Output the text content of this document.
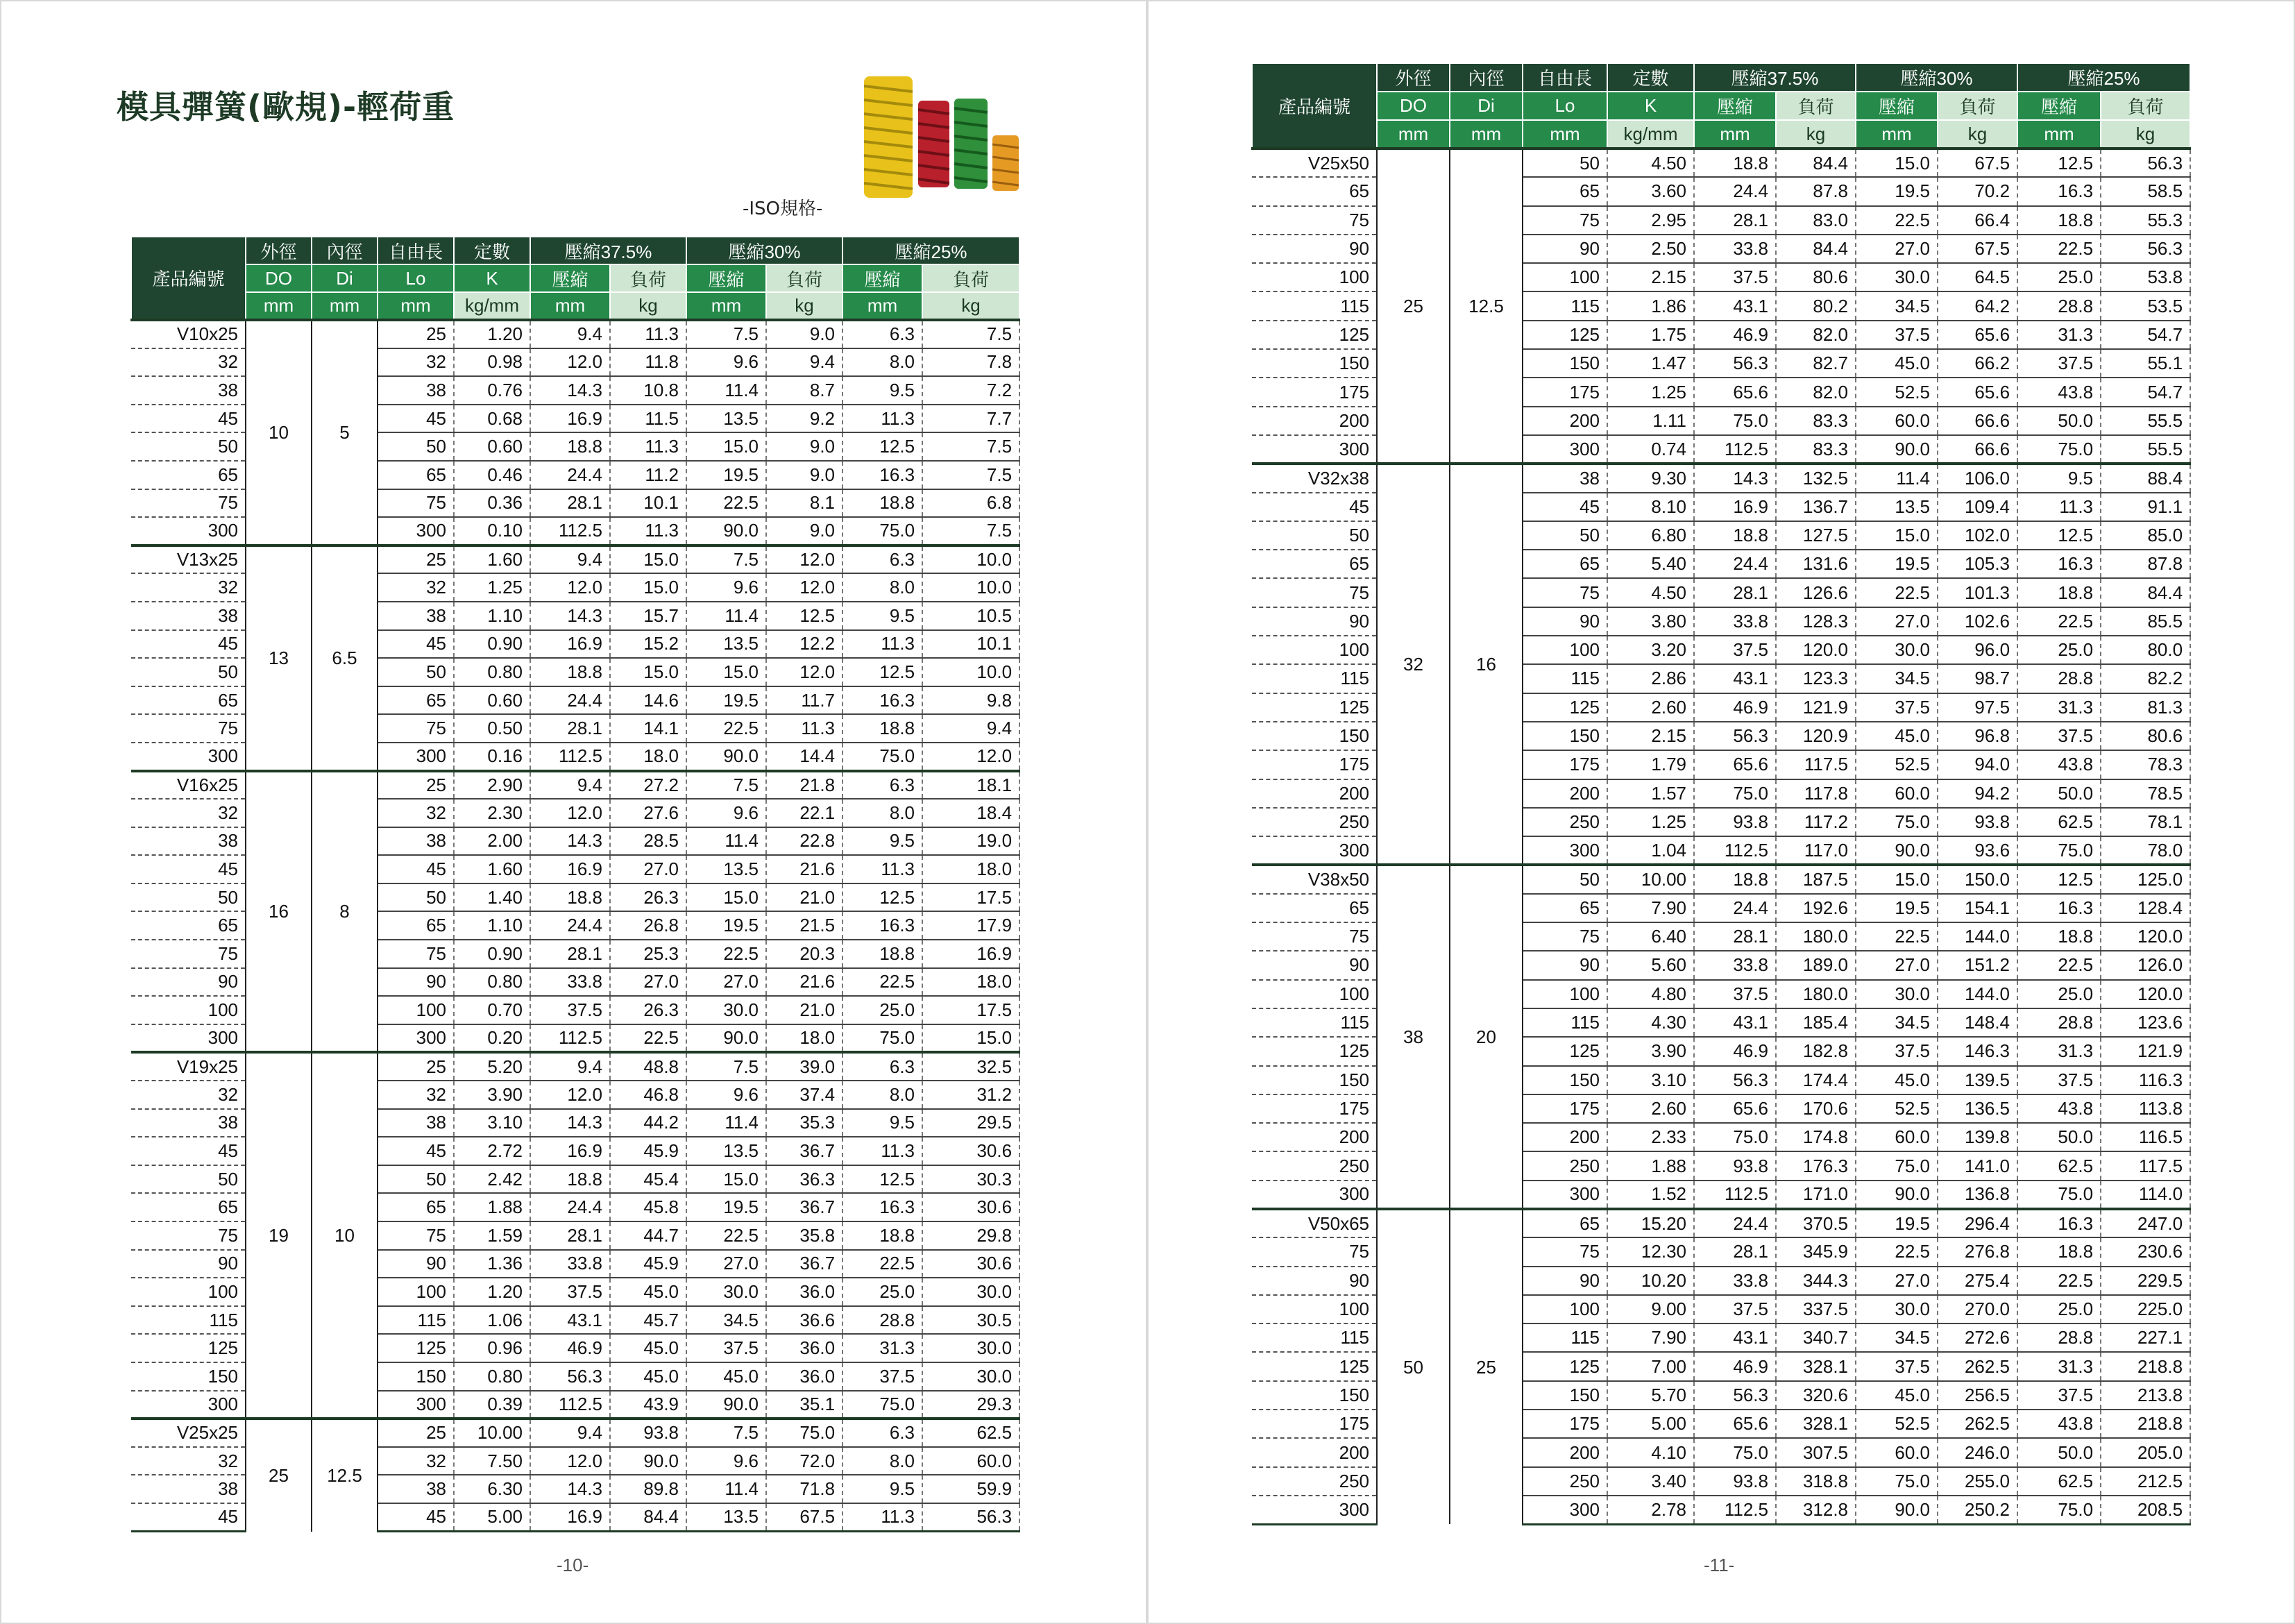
模具彈簧(歐規)-輕荷重
-ISO規格-
產品編號	外徑	內徑	自由長	定數	壓縮37.5%		壓縮30%		壓縮25%	
	DO	Di	Lo	K	壓縮	負荷	壓縮	負荷	壓縮	負荷
	mm	mm	mm	kg/mm	mm	kg	mm	kg	mm	kg
V10x25	10	5	25	1.20	9.4	11.3	7.5	9.0	6.3	7.5
32			32	0.98	12.0	11.8	9.6	9.4	8.0	7.8
38			38	0.76	14.3	10.8	11.4	8.7	9.5	7.2
45			45	0.68	16.9	11.5	13.5	9.2	11.3	7.7
50			50	0.60	18.8	11.3	15.0	9.0	12.5	7.5
65			65	0.46	24.4	11.2	19.5	9.0	16.3	7.5
75			75	0.36	28.1	10.1	22.5	8.1	18.8	6.8
300			300	0.10	112.5	11.3	90.0	9.0	75.0	7.5
V13x25	13	6.5	25	1.60	9.4	15.0	7.5	12.0	6.3	10.0
32			32	1.25	12.0	15.0	9.6	12.0	8.0	10.0
38			38	1.10	14.3	15.7	11.4	12.5	9.5	10.5
45			45	0.90	16.9	15.2	13.5	12.2	11.3	10.1
50			50	0.80	18.8	15.0	15.0	12.0	12.5	10.0
65			65	0.60	24.4	14.6	19.5	11.7	16.3	9.8
75			75	0.50	28.1	14.1	22.5	11.3	18.8	9.4
300			300	0.16	112.5	18.0	90.0	14.4	75.0	12.0
V16x25	16	8	25	2.90	9.4	27.2	7.5	21.8	6.3	18.1
32			32	2.30	12.0	27.6	9.6	22.1	8.0	18.4
38			38	2.00	14.3	28.5	11.4	22.8	9.5	19.0
45			45	1.60	16.9	27.0	13.5	21.6	11.3	18.0
50			50	1.40	18.8	26.3	15.0	21.0	12.5	17.5
65			65	1.10	24.4	26.8	19.5	21.5	16.3	17.9
75			75	0.90	28.1	25.3	22.5	20.3	18.8	16.9
90			90	0.80	33.8	27.0	27.0	21.6	22.5	18.0
100			100	0.70	37.5	26.3	30.0	21.0	25.0	17.5
300			300	0.20	112.5	22.5	90.0	18.0	75.0	15.0
V19x25	19	10	25	5.20	9.4	48.8	7.5	39.0	6.3	32.5
32			32	3.90	12.0	46.8	9.6	37.4	8.0	31.2
38			38	3.10	14.3	44.2	11.4	35.3	9.5	29.5
45			45	2.72	16.9	45.9	13.5	36.7	11.3	30.6
50			50	2.42	18.8	45.4	15.0	36.3	12.5	30.3
65			65	1.88	24.4	45.8	19.5	36.7	16.3	30.6
75			75	1.59	28.1	44.7	22.5	35.8	18.8	29.8
90			90	1.36	33.8	45.9	27.0	36.7	22.5	30.6
100			100	1.20	37.5	45.0	30.0	36.0	25.0	30.0
115			115	1.06	43.1	45.7	34.5	36.6	28.8	30.5
125			125	0.96	46.9	45.0	37.5	36.0	31.3	30.0
150			150	0.80	56.3	45.0	45.0	36.0	37.5	30.0
300			300	0.39	112.5	43.9	90.0	35.1	75.0	29.3
V25x25	25	12.5	25	10.00	9.4	93.8	7.5	75.0	6.3	62.5
32			32	7.50	12.0	90.0	9.6	72.0	8.0	60.0
38			38	6.30	14.3	89.8	11.4	71.8	9.5	59.9
45			45	5.00	16.9	84.4	13.5	67.5	11.3	56.3
-10-
產品編號	外徑	內徑	自由長	定數	壓縮37.5%		壓縮30%		壓縮25%	
	DO	Di	Lo	K	壓縮	負荷	壓縮	負荷	壓縮	負荷
	mm	mm	mm	kg/mm	mm	kg	mm	kg	mm	kg
V25x50	25	12.5	50	4.50	18.8	84.4	15.0	67.5	12.5	56.3
65			65	3.60	24.4	87.8	19.5	70.2	16.3	58.5
75			75	2.95	28.1	83.0	22.5	66.4	18.8	55.3
90			90	2.50	33.8	84.4	27.0	67.5	22.5	56.3
100			100	2.15	37.5	80.6	30.0	64.5	25.0	53.8
115			115	1.86	43.1	80.2	34.5	64.2	28.8	53.5
125			125	1.75	46.9	82.0	37.5	65.6	31.3	54.7
150			150	1.47	56.3	82.7	45.0	66.2	37.5	55.1
175			175	1.25	65.6	82.0	52.5	65.6	43.8	54.7
200			200	1.11	75.0	83.3	60.0	66.6	50.0	55.5
300			300	0.74	112.5	83.3	90.0	66.6	75.0	55.5
V32x38	32	16	38	9.30	14.3	132.5	11.4	106.0	9.5	88.4
45			45	8.10	16.9	136.7	13.5	109.4	11.3	91.1
50			50	6.80	18.8	127.5	15.0	102.0	12.5	85.0
65			65	5.40	24.4	131.6	19.5	105.3	16.3	87.8
75			75	4.50	28.1	126.6	22.5	101.3	18.8	84.4
90			90	3.80	33.8	128.3	27.0	102.6	22.5	85.5
100			100	3.20	37.5	120.0	30.0	96.0	25.0	80.0
115			115	2.86	43.1	123.3	34.5	98.7	28.8	82.2
125			125	2.60	46.9	121.9	37.5	97.5	31.3	81.3
150			150	2.15	56.3	120.9	45.0	96.8	37.5	80.6
175			175	1.79	65.6	117.5	52.5	94.0	43.8	78.3
200			200	1.57	75.0	117.8	60.0	94.2	50.0	78.5
250			250	1.25	93.8	117.2	75.0	93.8	62.5	78.1
300			300	1.04	112.5	117.0	90.0	93.6	75.0	78.0
V38x50	38	20	50	10.00	18.8	187.5	15.0	150.0	12.5	125.0
65			65	7.90	24.4	192.6	19.5	154.1	16.3	128.4
75			75	6.40	28.1	180.0	22.5	144.0	18.8	120.0
90			90	5.60	33.8	189.0	27.0	151.2	22.5	126.0
100			100	4.80	37.5	180.0	30.0	144.0	25.0	120.0
115			115	4.30	43.1	185.4	34.5	148.4	28.8	123.6
125			125	3.90	46.9	182.8	37.5	146.3	31.3	121.9
150			150	3.10	56.3	174.4	45.0	139.5	37.5	116.3
175			175	2.60	65.6	170.6	52.5	136.5	43.8	113.8
200			200	2.33	75.0	174.8	60.0	139.8	50.0	116.5
250			250	1.88	93.8	176.3	75.0	141.0	62.5	117.5
300			300	1.52	112.5	171.0	90.0	136.8	75.0	114.0
V50x65	50	25	65	15.20	24.4	370.5	19.5	296.4	16.3	247.0
75			75	12.30	28.1	345.9	22.5	276.8	18.8	230.6
90			90	10.20	33.8	344.3	27.0	275.4	22.5	229.5
100			100	9.00	37.5	337.5	30.0	270.0	25.0	225.0
115			115	7.90	43.1	340.7	34.5	272.6	28.8	227.1
125			125	7.00	46.9	328.1	37.5	262.5	31.3	218.8
150			150	5.70	56.3	320.6	45.0	256.5	37.5	213.8
175			175	5.00	65.6	328.1	52.5	262.5	43.8	218.8
200			200	4.10	75.0	307.5	60.0	246.0	50.0	205.0
250			250	3.40	93.8	318.8	75.0	255.0	62.5	212.5
300			300	2.78	112.5	312.8	90.0	250.2	75.0	208.5
-11-
